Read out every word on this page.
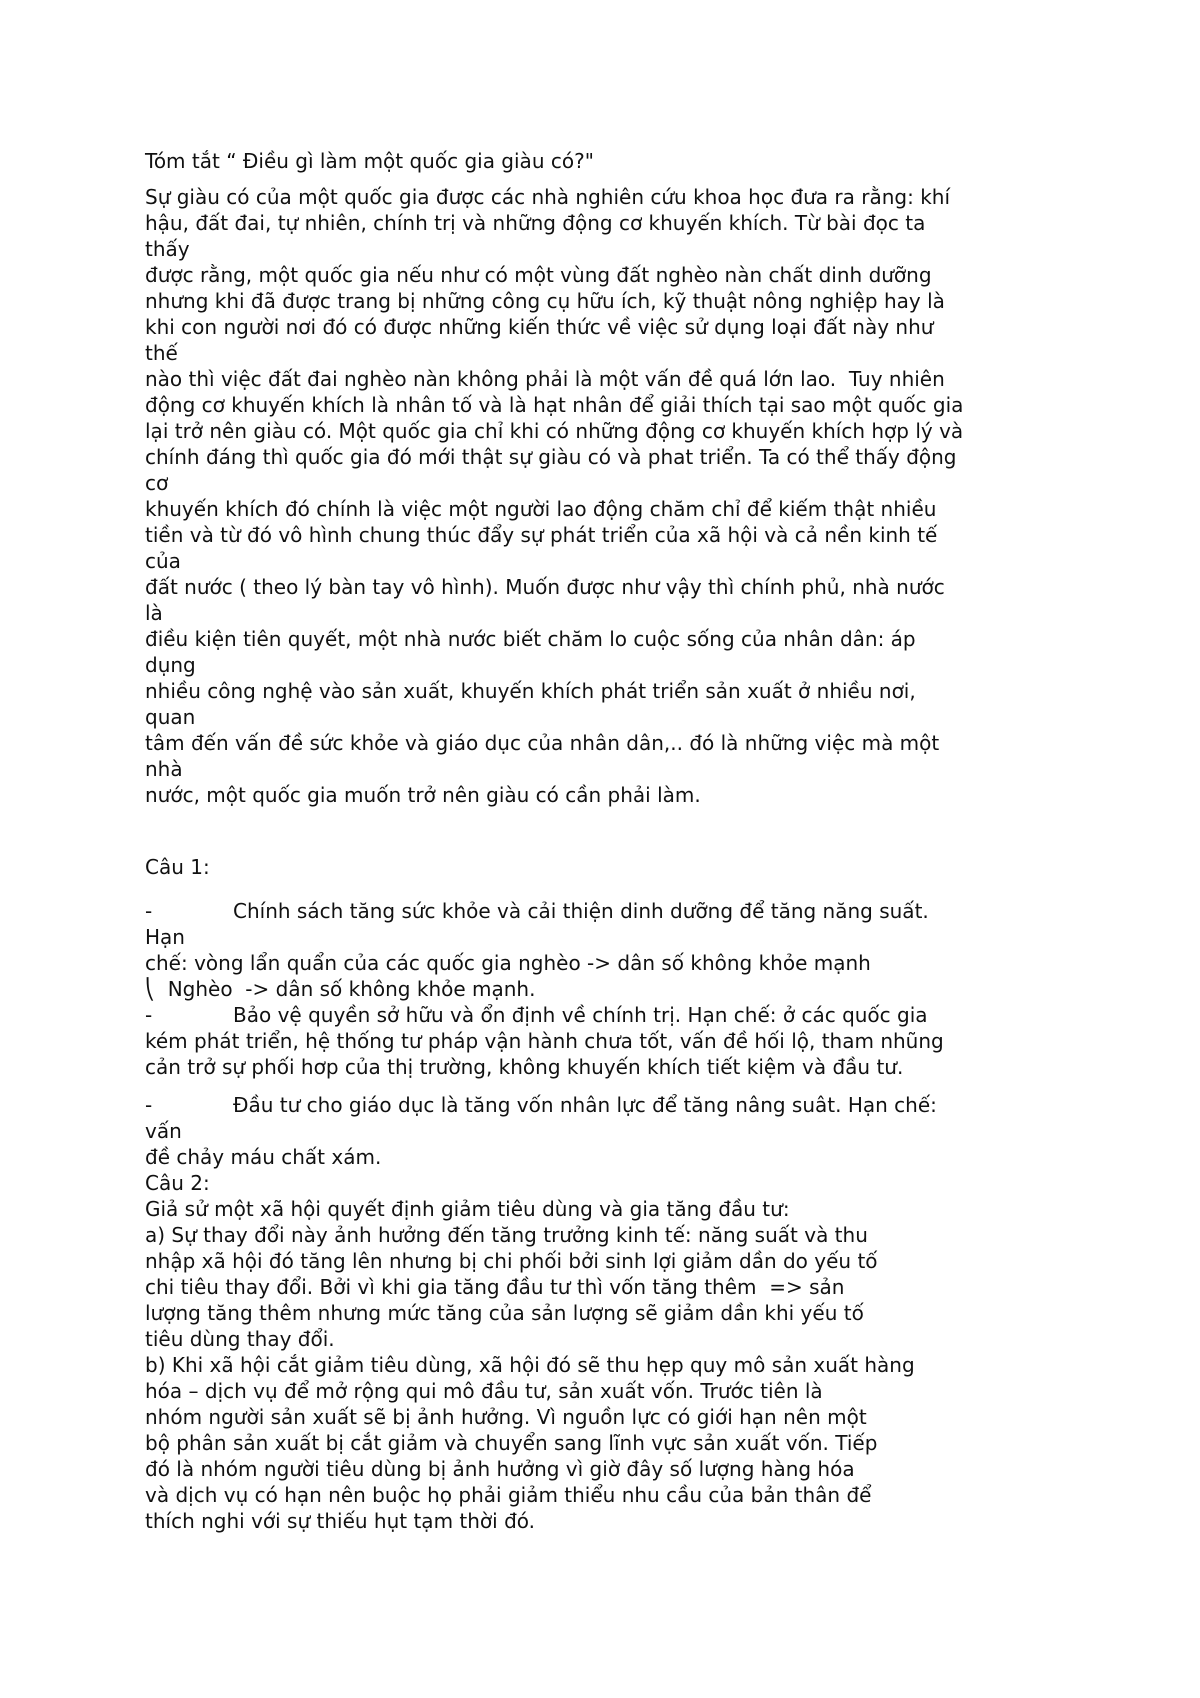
Tóm tắt “ Điều gì làm một quốc gia giàu có?"
Sự giàu có của một quốc gia được các nhà nghiên cứu khoa học đưa ra rằng: khí
hậu, đất đai, tự nhiên, chính trị và những động cơ khuyến khích. Từ bài đọc ta
thấy
được rằng, một quốc gia nếu như có một vùng đất nghèo nàn chất dinh dưỡng
nhưng khi đã được trang bị những công cụ hữu ích, kỹ thuật nông nghiệp hay là
khi con người nơi đó có được những kiến thức về việc sử dụng loại đất này như
thế
nào thì việc đất đai nghèo nàn không phải là một vấn đề quá lớn lao.  Tuy nhiên
động cơ khuyến khích là nhân tố và là hạt nhân để giải thích tại sao một quốc gia
lại trở nên giàu có. Một quốc gia chỉ khi có những động cơ khuyến khích hợp lý và
chính đáng thì quốc gia đó mới thật sự giàu có và phat triển. Ta có thể thấy động
cơ
khuyến khích đó chính là việc một người lao động chăm chỉ để kiếm thật nhiều
tiền và từ đó vô hình chung thúc đẩy sự phát triển của xã hội và cả nền kinh tế
của
đất nước ( theo lý bàn tay vô hình). Muốn được như vậy thì chính phủ, nhà nước
là
điều kiện tiên quyết, một nhà nước biết chăm lo cuộc sống của nhân dân: áp
dụng
nhiều công nghệ vào sản xuất, khuyến khích phát triển sản xuất ở nhiều nơi,
quan
tâm đến vấn đề sức khỏe và giáo dục của nhân dân,.. đó là những việc mà một
nhà
nước, một quốc gia muốn trở nên giàu có cần phải làm.
Câu 1:
-	Chính sách tăng sức khỏe và cải thiện dinh dưỡng để tăng năng suất.
Hạn
chế: vòng lẩn quẩn của các quốc gia nghèo -> dân số không khỏe mạnh
⎝  Nghèo  -> dân số không khỏe mạnh.
-	Bảo vệ quyền sở hữu và ổn định về chính trị. Hạn chế: ở các quốc gia
kém phát triển, hệ thống tư pháp vận hành chưa tốt, vấn đề hối lộ, tham nhũng
cản trở sự phối hơp của thị trường, không khuyến khích tiết kiệm và đầu tư.
-	Đầu tư cho giáo dục là tăng vốn nhân lực để tăng nâng suât. Hạn chế:
vấn
đề chảy máu chất xám.
Câu 2:
Giả sử một xã hội quyết định giảm tiêu dùng và gia tăng đầu tư:
a) Sự thay đổi này ảnh hưởng đến tăng trưởng kinh tế: năng suất và thu
nhập xã hội đó tăng lên nhưng bị chi phối bởi sinh lợi giảm dần do yếu tố
chi tiêu thay đổi. Bởi vì khi gia tăng đầu tư thì vốn tăng thêm  => sản
lượng tăng thêm nhưng mức tăng của sản lượng sẽ giảm dần khi yếu tố
tiêu dùng thay đổi.
b) Khi xã hội cắt giảm tiêu dùng, xã hội đó sẽ thu hẹp quy mô sản xuất hàng
hóa – dịch vụ để mở rộng qui mô đầu tư, sản xuất vốn. Trước tiên là
nhóm người sản xuất sẽ bị ảnh hưởng. Vì nguồn lực có giới hạn nên một
bộ phân sản xuất bị cắt giảm và chuyển sang lĩnh vực sản xuất vốn. Tiếp
đó là nhóm người tiêu dùng bị ảnh hưởng vì giờ đây số lượng hàng hóa
và dịch vụ có hạn nên buộc họ phải giảm thiểu nhu cầu của bản thân để
thích nghi với sự thiếu hụt tạm thời đó.
